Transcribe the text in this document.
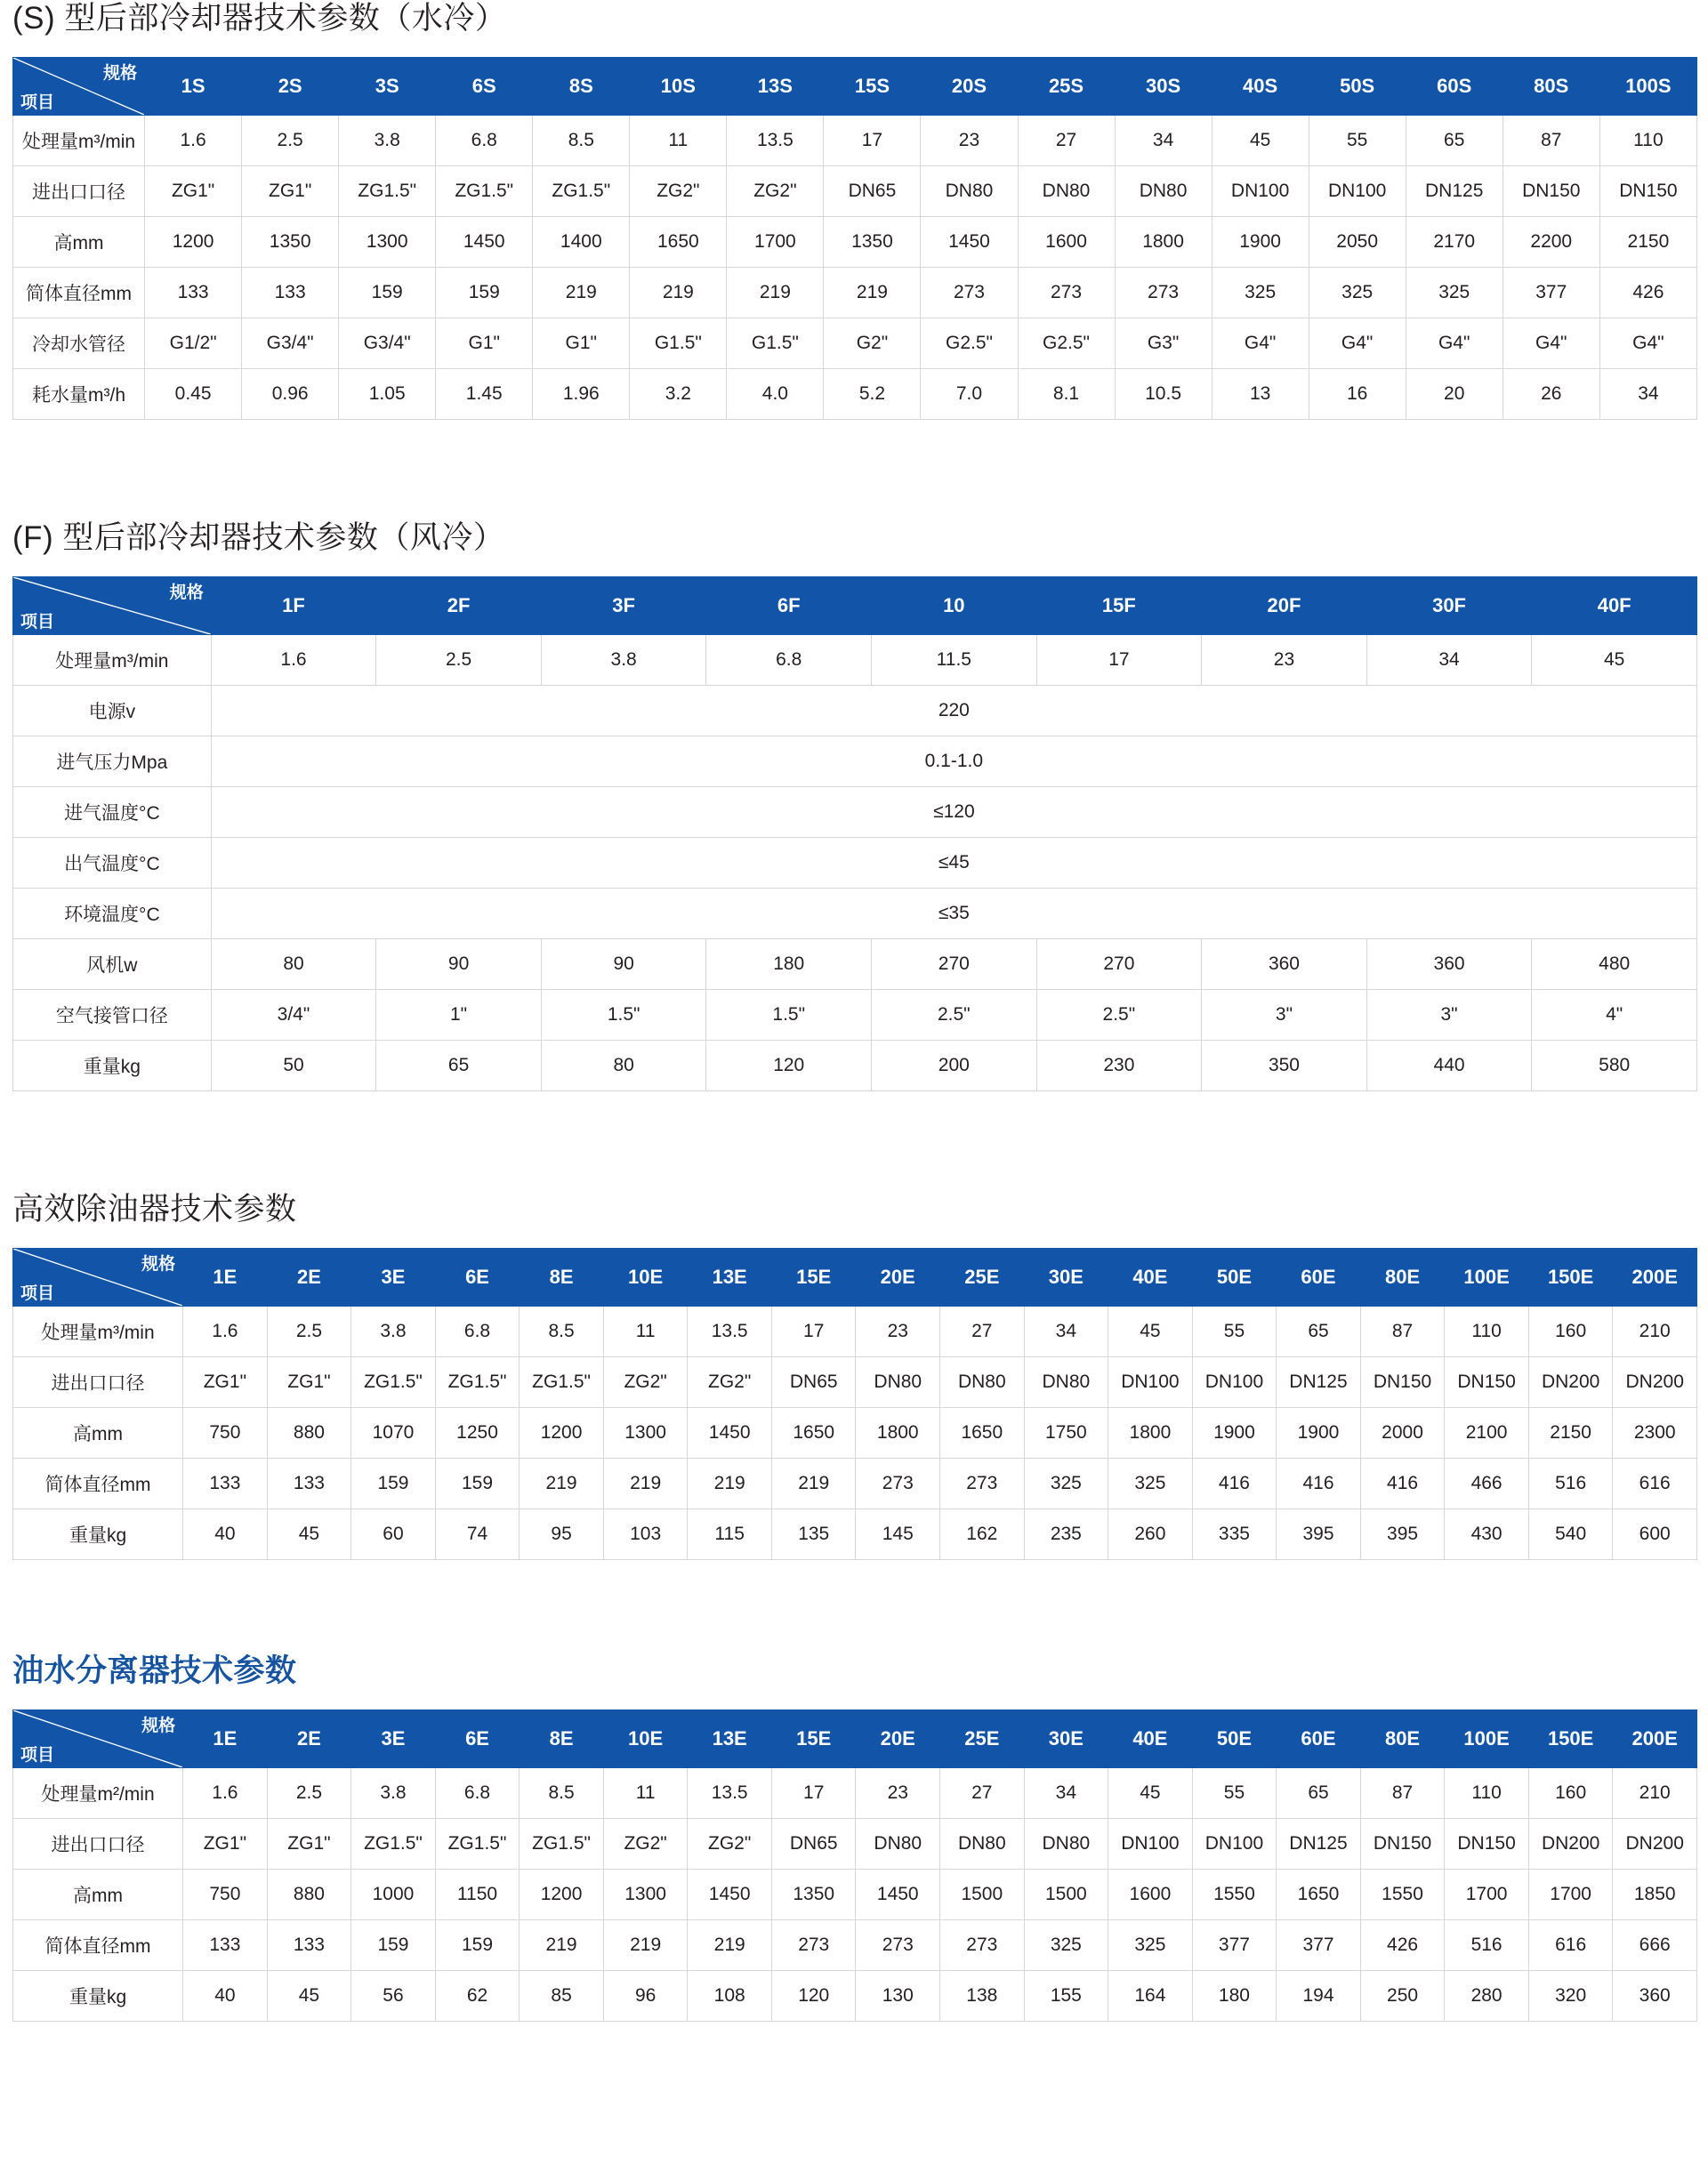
(S) 型后部冷却器技术参数（水冷）
规格
项目	1S	2S	3S	6S	8S	10S	13S	15S	20S	25S	30S	40S	50S	60S	80S	100S
处理量m³/min	1.6	2.5	3.8	6.8	8.5	11	13.5	17	23	27	34	45	55	65	87	110
进出口口径	ZG1"	ZG1"	ZG1.5"	ZG1.5"	ZG1.5"	ZG2"	ZG2"	DN65	DN80	DN80	DN80	DN100	DN100	DN125	DN150	DN150
高mm	1200	1350	1300	1450	1400	1650	1700	1350	1450	1600	1800	1900	2050	2170	2200	2150
简体直径mm	133	133	159	159	219	219	219	219	273	273	273	325	325	325	377	426
冷却水管径	G1/2"	G3/4"	G3/4"	G1"	G1"	G1.5"	G1.5"	G2"	G2.5"	G2.5"	G3"	G4"	G4"	G4"	G4"	G4"
耗水量m³/h	0.45	0.96	1.05	1.45	1.96	3.2	4.0	5.2	7.0	8.1	10.5	13	16	20	26	34
(F) 型后部冷却器技术参数（风冷）
规格
项目	1F	2F	3F	6F	10	15F	20F	30F	40F
处理量m³/min	1.6	2.5	3.8	6.8	11.5	17	23	34	45
电源v	220								
进气压力Mpa	0.1-1.0								
进气温度°C	≤120								
出气温度°C	≤45								
环境温度°C	≤35								
风机w	80	90	90	180	270	270	360	360	480
空气接管口径	3/4"	1"	1.5"	1.5"	2.5"	2.5"	3"	3"	4"
重量kg	50	65	80	120	200	230	350	440	580
高效除油器技术参数
规格
项目	1E	2E	3E	6E	8E	10E	13E	15E	20E	25E	30E	40E	50E	60E	80E	100E	150E	200E
处理量m³/min	1.6	2.5	3.8	6.8	8.5	11	13.5	17	23	27	34	45	55	65	87	110	160	210
进出口口径	ZG1"	ZG1"	ZG1.5"	ZG1.5"	ZG1.5"	ZG2"	ZG2"	DN65	DN80	DN80	DN80	DN100	DN100	DN125	DN150	DN150	DN200	DN200
高mm	750	880	1070	1250	1200	1300	1450	1650	1800	1650	1750	1800	1900	1900	2000	2100	2150	2300
简体直径mm	133	133	159	159	219	219	219	219	273	273	325	325	416	416	416	466	516	616
重量kg	40	45	60	74	95	103	115	135	145	162	235	260	335	395	395	430	540	600
油水分离器技术参数
规格
项目	1E	2E	3E	6E	8E	10E	13E	15E	20E	25E	30E	40E	50E	60E	80E	100E	150E	200E
处理量m²/min	1.6	2.5	3.8	6.8	8.5	11	13.5	17	23	27	34	45	55	65	87	110	160	210
进出口口径	ZG1"	ZG1"	ZG1.5"	ZG1.5"	ZG1.5"	ZG2"	ZG2"	DN65	DN80	DN80	DN80	DN100	DN100	DN125	DN150	DN150	DN200	DN200
高mm	750	880	1000	1150	1200	1300	1450	1350	1450	1500	1500	1600	1550	1650	1550	1700	1700	1850
简体直径mm	133	133	159	159	219	219	219	273	273	273	325	325	377	377	426	516	616	666
重量kg	40	45	56	62	85	96	108	120	130	138	155	164	180	194	250	280	320	360
